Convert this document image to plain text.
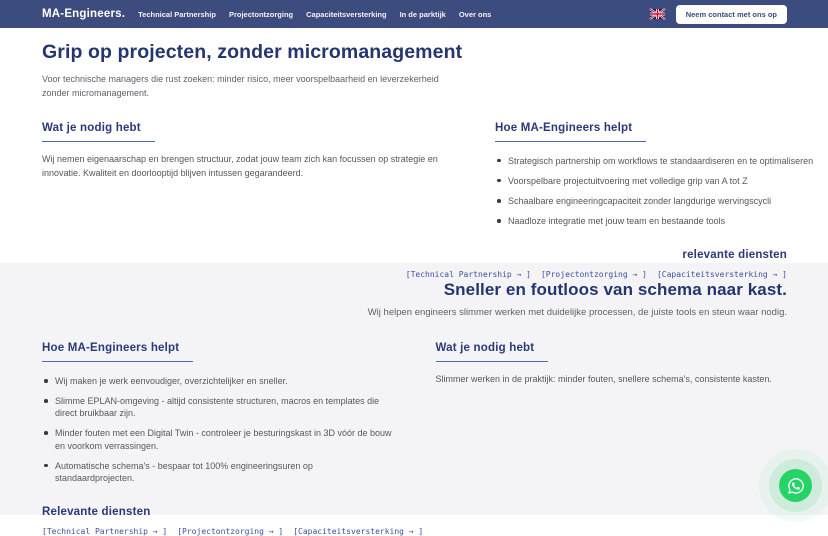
MA-Engineers. Technical Partnership Projectontzorging Capaciteitsversterking In de parktijk Over ons	Neem contact met ons op
Grip op projecten, zonder micromanagement

Voor technische managers die rust zoeken: minder risico, meer voorspelbaarheid en leverzekerheid zonder micromanagement.

Wat je nodig hebt

Wij nemen eigenaarschap en brengen structuur, zodat jouw team zich kan focussen op strategie en innovatie. Kwaliteit en doorlooptijd blijven intussen gegarandeerd.

Hoe MA-Engineers helpt
Strategisch partnership om workflows te standaardiseren en te optimaliseren
Voorspelbare projectuitvoering met volledige grip van A tot Z
Schaalbare engineeringcapaciteit zonder langdurige wervingscycli
Naadloze integratie met jouw team en bestaande tools
relevante diensten
[Technical Partnership → ] [Projectontzorging → ] [Capaciteitsversterking → ]
Sneller en foutloos van schema naar kast.

Wij helpen engineers slimmer werken met duidelijke processen, de juiste tools en steun waar nodig.

Hoe MA-Engineers helpt
Wij maken je werk eenvoudiger, overzichtelijker en sneller.
Slimme EPLAN-omgeving - altijd consistente structuren, macros en templates die direct bruikbaar zijn.
Minder fouten met een Digital Twin - controleer je besturingskast in 3D vóór de bouw en voorkom verrassingen.
Automatische schema's - bespaar tot 100% engineeringsuren op standaardprojecten.
Wat je nodig hebt

Slimmer werken in de praktijk: minder fouten, snellere schema's, consistente kasten.

Relevante diensten
[Technical Partnership → ] [Projectontzorging → ] [Capaciteitsversterking → ]
